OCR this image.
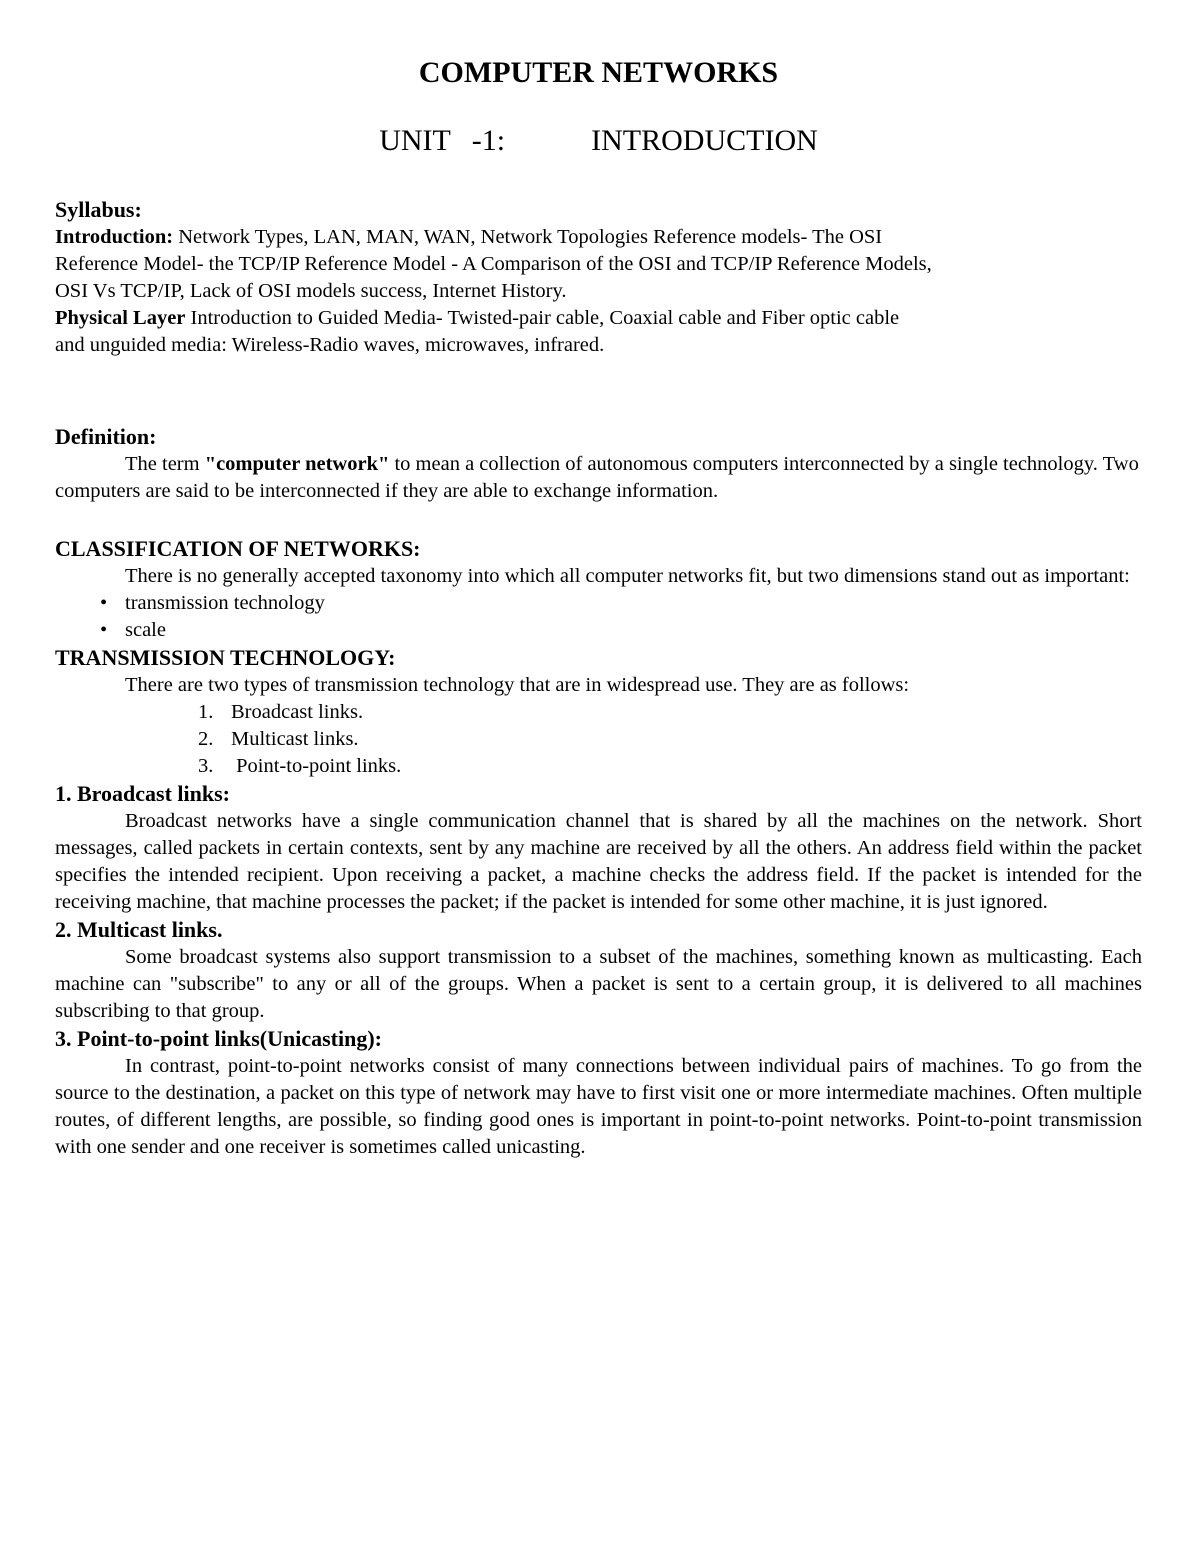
COMPUTER NETWORKS
UNIT -1:    INTRODUCTION
Syllabus:

Introduction: Network Types, LAN, MAN, WAN, Network Topologies Reference models- The OSI

Reference Model- the TCP/IP Reference Model - A Comparison of the OSI and TCP/IP Reference Models,

OSI Vs TCP/IP, Lack of OSI models success, Internet History.

Physical Layer Introduction to Guided Media- Twisted-pair cable, Coaxial cable and Fiber optic cable

and unguided media: Wireless-Radio waves, microwaves, infrared.

Definition:

The term "computer network" to mean a collection of autonomous computers interconnected by a single technology. Two computers are said to be interconnected if they are able to exchange information.

CLASSIFICATION OF NETWORKS:

There is no generally accepted taxonomy into which all computer networks fit, but two dimensions stand out as important:

• transmission technology
• scale
TRANSMISSION TECHNOLOGY:

There are two types of transmission technology that are in widespread use. They are as follows:

1. Broadcast links.
2. Multicast links.
3. Point-to-point links.
1. Broadcast links:

Broadcast networks have a single communication channel that is shared by all the machines on the network. Short messages, called packets in certain contexts, sent by any machine are received by all the others. An address field within the packet specifies the intended recipient. Upon receiving a packet, a machine checks the address field. If the packet is intended for the receiving machine, that machine processes the packet; if the packet is intended for some other machine, it is just ignored.

2. Multicast links.

Some broadcast systems also support transmission to a subset of the machines, something known as multicasting. Each machine can "subscribe" to any or all of the groups. When a packet is sent to a certain group, it is delivered to all machines subscribing to that group.

3. Point-to-point links(Unicasting):

In contrast, point-to-point networks consist of many connections between individual pairs of machines. To go from the source to the destination, a packet on this type of network may have to first visit one or more intermediate machines. Often multiple routes, of different lengths, are possible, so finding good ones is important in point-to-point networks. Point-to-point transmission with one sender and one receiver is sometimes called unicasting.
